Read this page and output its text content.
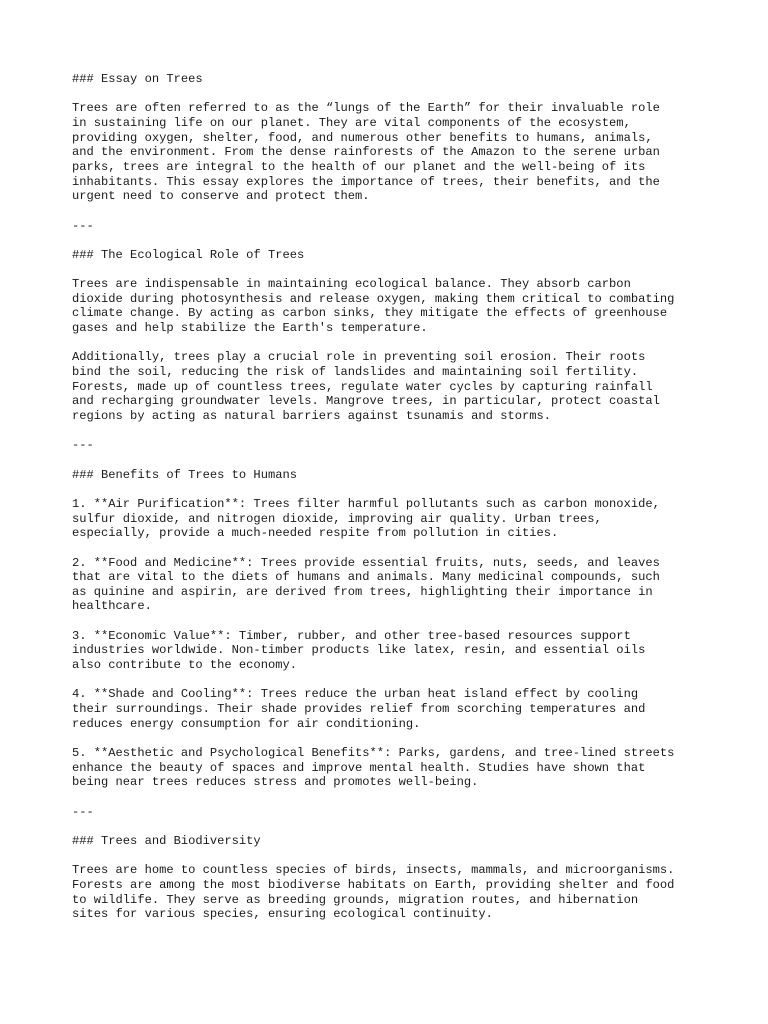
### Essay on Trees
Trees are often referred to as the “lungs of the Earth” for their invaluable role
in sustaining life on our planet. They are vital components of the ecosystem,
providing oxygen, shelter, food, and numerous other benefits to humans, animals,
and the environment. From the dense rainforests of the Amazon to the serene urban
parks, trees are integral to the health of our planet and the well-being of its
inhabitants. This essay explores the importance of trees, their benefits, and the
urgent need to conserve and protect them.
---
### The Ecological Role of Trees
Trees are indispensable in maintaining ecological balance. They absorb carbon
dioxide during photosynthesis and release oxygen, making them critical to combating
climate change. By acting as carbon sinks, they mitigate the effects of greenhouse
gases and help stabilize the Earth's temperature.
Additionally, trees play a crucial role in preventing soil erosion. Their roots
bind the soil, reducing the risk of landslides and maintaining soil fertility.
Forests, made up of countless trees, regulate water cycles by capturing rainfall
and recharging groundwater levels. Mangrove trees, in particular, protect coastal
regions by acting as natural barriers against tsunamis and storms.
---
### Benefits of Trees to Humans
1. **Air Purification**: Trees filter harmful pollutants such as carbon monoxide,
sulfur dioxide, and nitrogen dioxide, improving air quality. Urban trees,
especially, provide a much-needed respite from pollution in cities.
2. **Food and Medicine**: Trees provide essential fruits, nuts, seeds, and leaves
that are vital to the diets of humans and animals. Many medicinal compounds, such
as quinine and aspirin, are derived from trees, highlighting their importance in
healthcare.
3. **Economic Value**: Timber, rubber, and other tree-based resources support
industries worldwide. Non-timber products like latex, resin, and essential oils
also contribute to the economy.
4. **Shade and Cooling**: Trees reduce the urban heat island effect by cooling
their surroundings. Their shade provides relief from scorching temperatures and
reduces energy consumption for air conditioning.
5. **Aesthetic and Psychological Benefits**: Parks, gardens, and tree-lined streets
enhance the beauty of spaces and improve mental health. Studies have shown that
being near trees reduces stress and promotes well-being.
---
### Trees and Biodiversity
Trees are home to countless species of birds, insects, mammals, and microorganisms.
Forests are among the most biodiverse habitats on Earth, providing shelter and food
to wildlife. They serve as breeding grounds, migration routes, and hibernation
sites for various species, ensuring ecological continuity.
